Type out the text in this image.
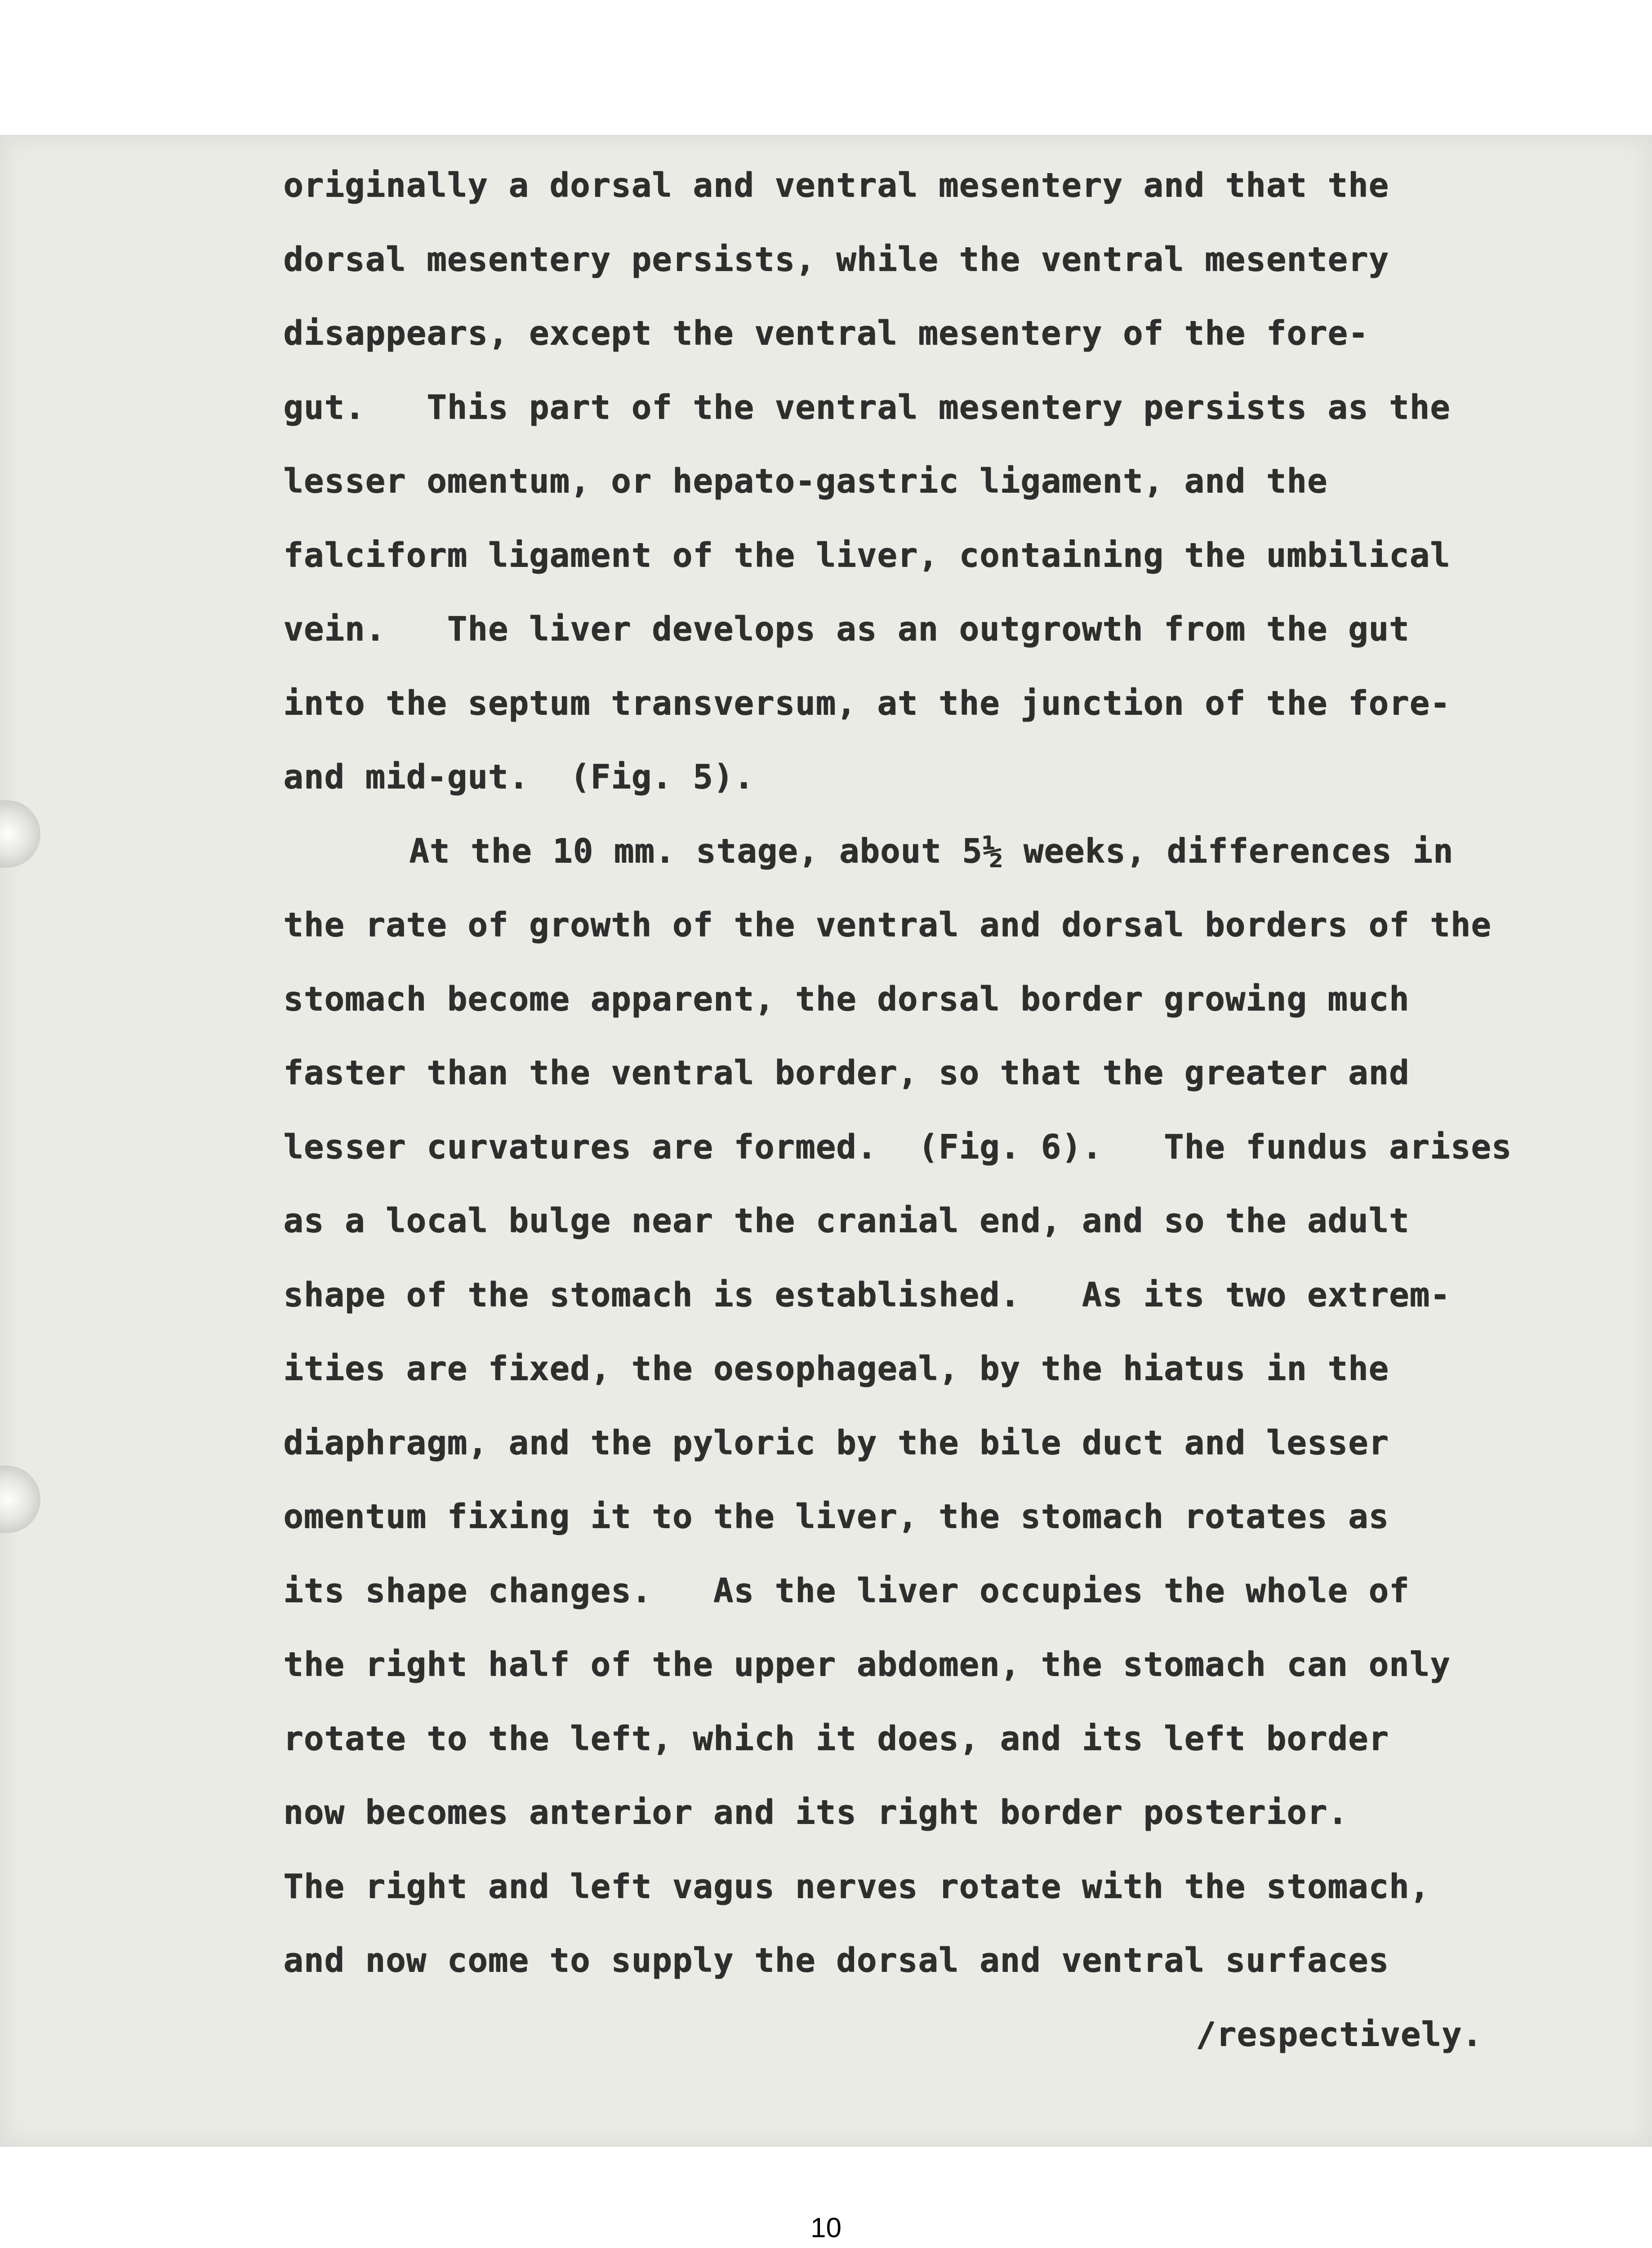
originally a dorsal and ventral mesentery and that the
dorsal mesentery persists, while the ventral mesentery
disappears, except the ventral mesentery of the fore-
gut.   This part of the ventral mesentery persists as the
lesser omentum, or hepato-gastric ligament, and the
falciform ligament of the liver, containing the umbilical
vein.   The liver develops as an outgrowth from the gut
into the septum transversum, at the junction of the fore-
and mid-gut.  (Fig. 5).
At the 10 mm. stage, about 5½ weeks, differences in
the rate of growth of the ventral and dorsal borders of the
stomach become apparent, the dorsal border growing much
faster than the ventral border, so that the greater and
lesser curvatures are formed.  (Fig. 6).   The fundus arises
as a local bulge near the cranial end, and so the adult
shape of the stomach is established.   As its two extrem-
ities are fixed, the oesophageal, by the hiatus in the
diaphragm, and the pyloric by the bile duct and lesser
omentum fixing it to the liver, the stomach rotates as
its shape changes.   As the liver occupies the whole of
the right half of the upper abdomen, the stomach can only
rotate to the left, which it does, and its left border
now becomes anterior and its right border posterior.
The right and left vagus nerves rotate with the stomach,
and now come to supply the dorsal and ventral surfaces
/respectively.
10
